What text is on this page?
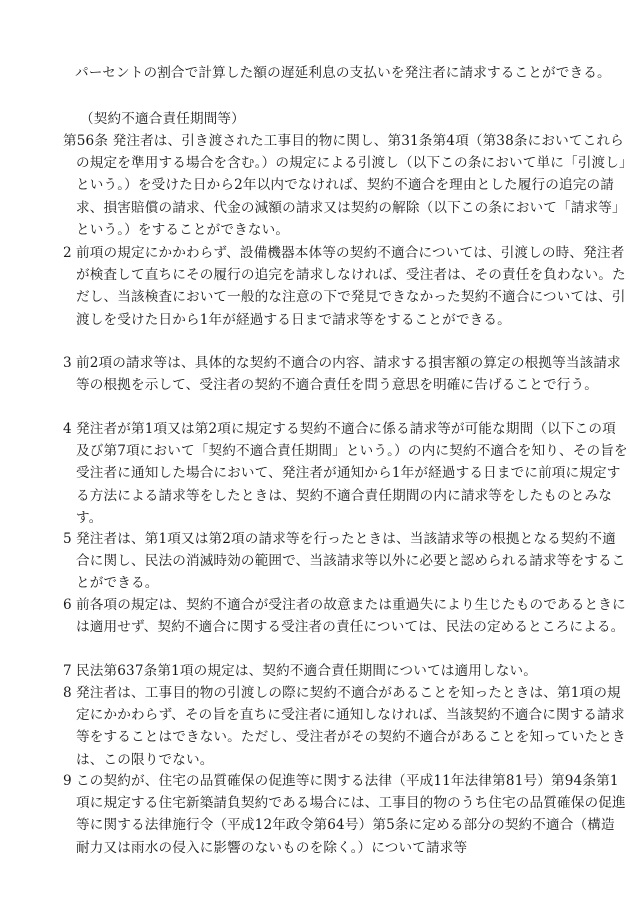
パーセントの割合で計算した額の遅延利息の支払いを発注者に請求することができる。
（契約不適合責任期間等）
第56条 発注者は、引き渡された工事目的物に関し、第31条第4項（第38条においてこれらの規定を準用する場合を含む。）の規定による引渡し（以下この条において単に「引渡し」という。）を受けた日から2年以内でなければ、契約不適合を理由とした履行の追完の請求、損害賠償の請求、代金の減額の請求又は契約の解除（以下この条において「請求等」という。）をすることができない。
2 前項の規定にかかわらず、設備機器本体等の契約不適合については、引渡しの時、発注者が検査して直ちにその履行の追完を請求しなければ、受注者は、その責任を負わない。ただし、当該検査において一般的な注意の下で発見できなかった契約不適合については、引渡しを受けた日から1年が経過する日まで請求等をすることができる。
3 前2項の請求等は、具体的な契約不適合の内容、請求する損害額の算定の根拠等当該請求等の根拠を示して、受注者の契約不適合責任を問う意思を明確に告げることで行う。
4 発注者が第1項又は第2項に規定する契約不適合に係る請求等が可能な期間（以下この項及び第7項において「契約不適合責任期間」という。）の内に契約不適合を知り、その旨を受注者に通知した場合において、発注者が通知から1年が経過する日までに前項に規定する方法による請求等をしたときは、契約不適合責任期間の内に請求等をしたものとみなす。
5 発注者は、第1項又は第2項の請求等を行ったときは、当該請求等の根拠となる契約不適合に関し、民法の消滅時効の範囲で、当該請求等以外に必要と認められる請求等をすることができる。
6 前各項の規定は、契約不適合が受注者の故意または重過失により生じたものであるときには適用せず、契約不適合に関する受注者の責任については、民法の定めるところによる。
7 民法第637条第1項の規定は、契約不適合責任期間については適用しない。
8 発注者は、工事目的物の引渡しの際に契約不適合があることを知ったときは、第1項の規定にかかわらず、その旨を直ちに受注者に通知しなければ、当該契約不適合に関する請求等をすることはできない。ただし、受注者がその契約不適合があることを知っていたときは、この限りでない。
9 この契約が、住宅の品質確保の促進等に関する法律（平成11年法律第81号）第94条第1項に規定する住宅新築請負契約である場合には、工事目的物のうち住宅の品質確保の促進等に関する法律施行令（平成12年政令第64号）第5条に定める部分の契約不適合（構造耐力又は雨水の侵入に影響のないものを除く。）について請求等
